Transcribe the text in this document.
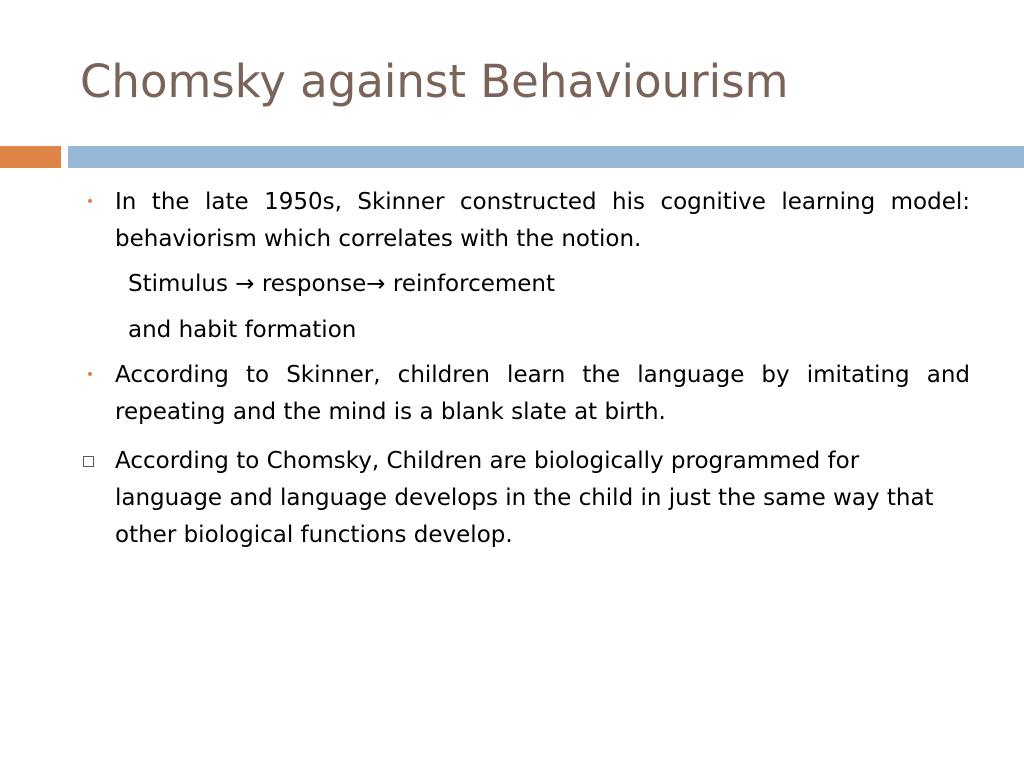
Chomsky against Behaviourism
• In the late 1950s, Skinner constructed his cognitive learning model: behaviorism which correlates with the notion.
Stimulus → response→ reinforcement
and habit formation
• According to Skinner, children learn the language by imitating and repeating and the mind is a blank slate at birth.
According to Chomsky, Children are biologically programmed for language and language develops in the child in just the same way that other biological functions develop.
